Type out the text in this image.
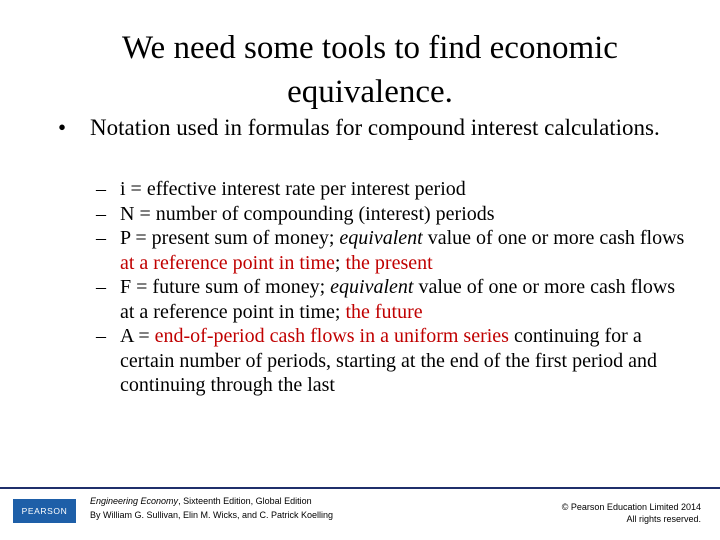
We need some tools to find economic
equivalence.
•	Notation used in formulas for compound interest calculations.
– i = effective interest rate per interest period
– N = number of compounding (interest) periods
– P = present sum of money; equivalent value of one or more cash flows at a reference point in time; the present
– F = future sum of money; equivalent value of one or more cash flows at a reference point in time; the future
– A = end-of-period cash flows in a uniform series continuing for a certain number of periods, starting at the end of the first period and continuing through the last
PEARSON
Engineering Economy, Sixteenth Edition, Global Edition
By William G. Sullivan, Elin M. Wicks, and C. Patrick Koelling
© Pearson Education Limited 2014
All rights reserved.
